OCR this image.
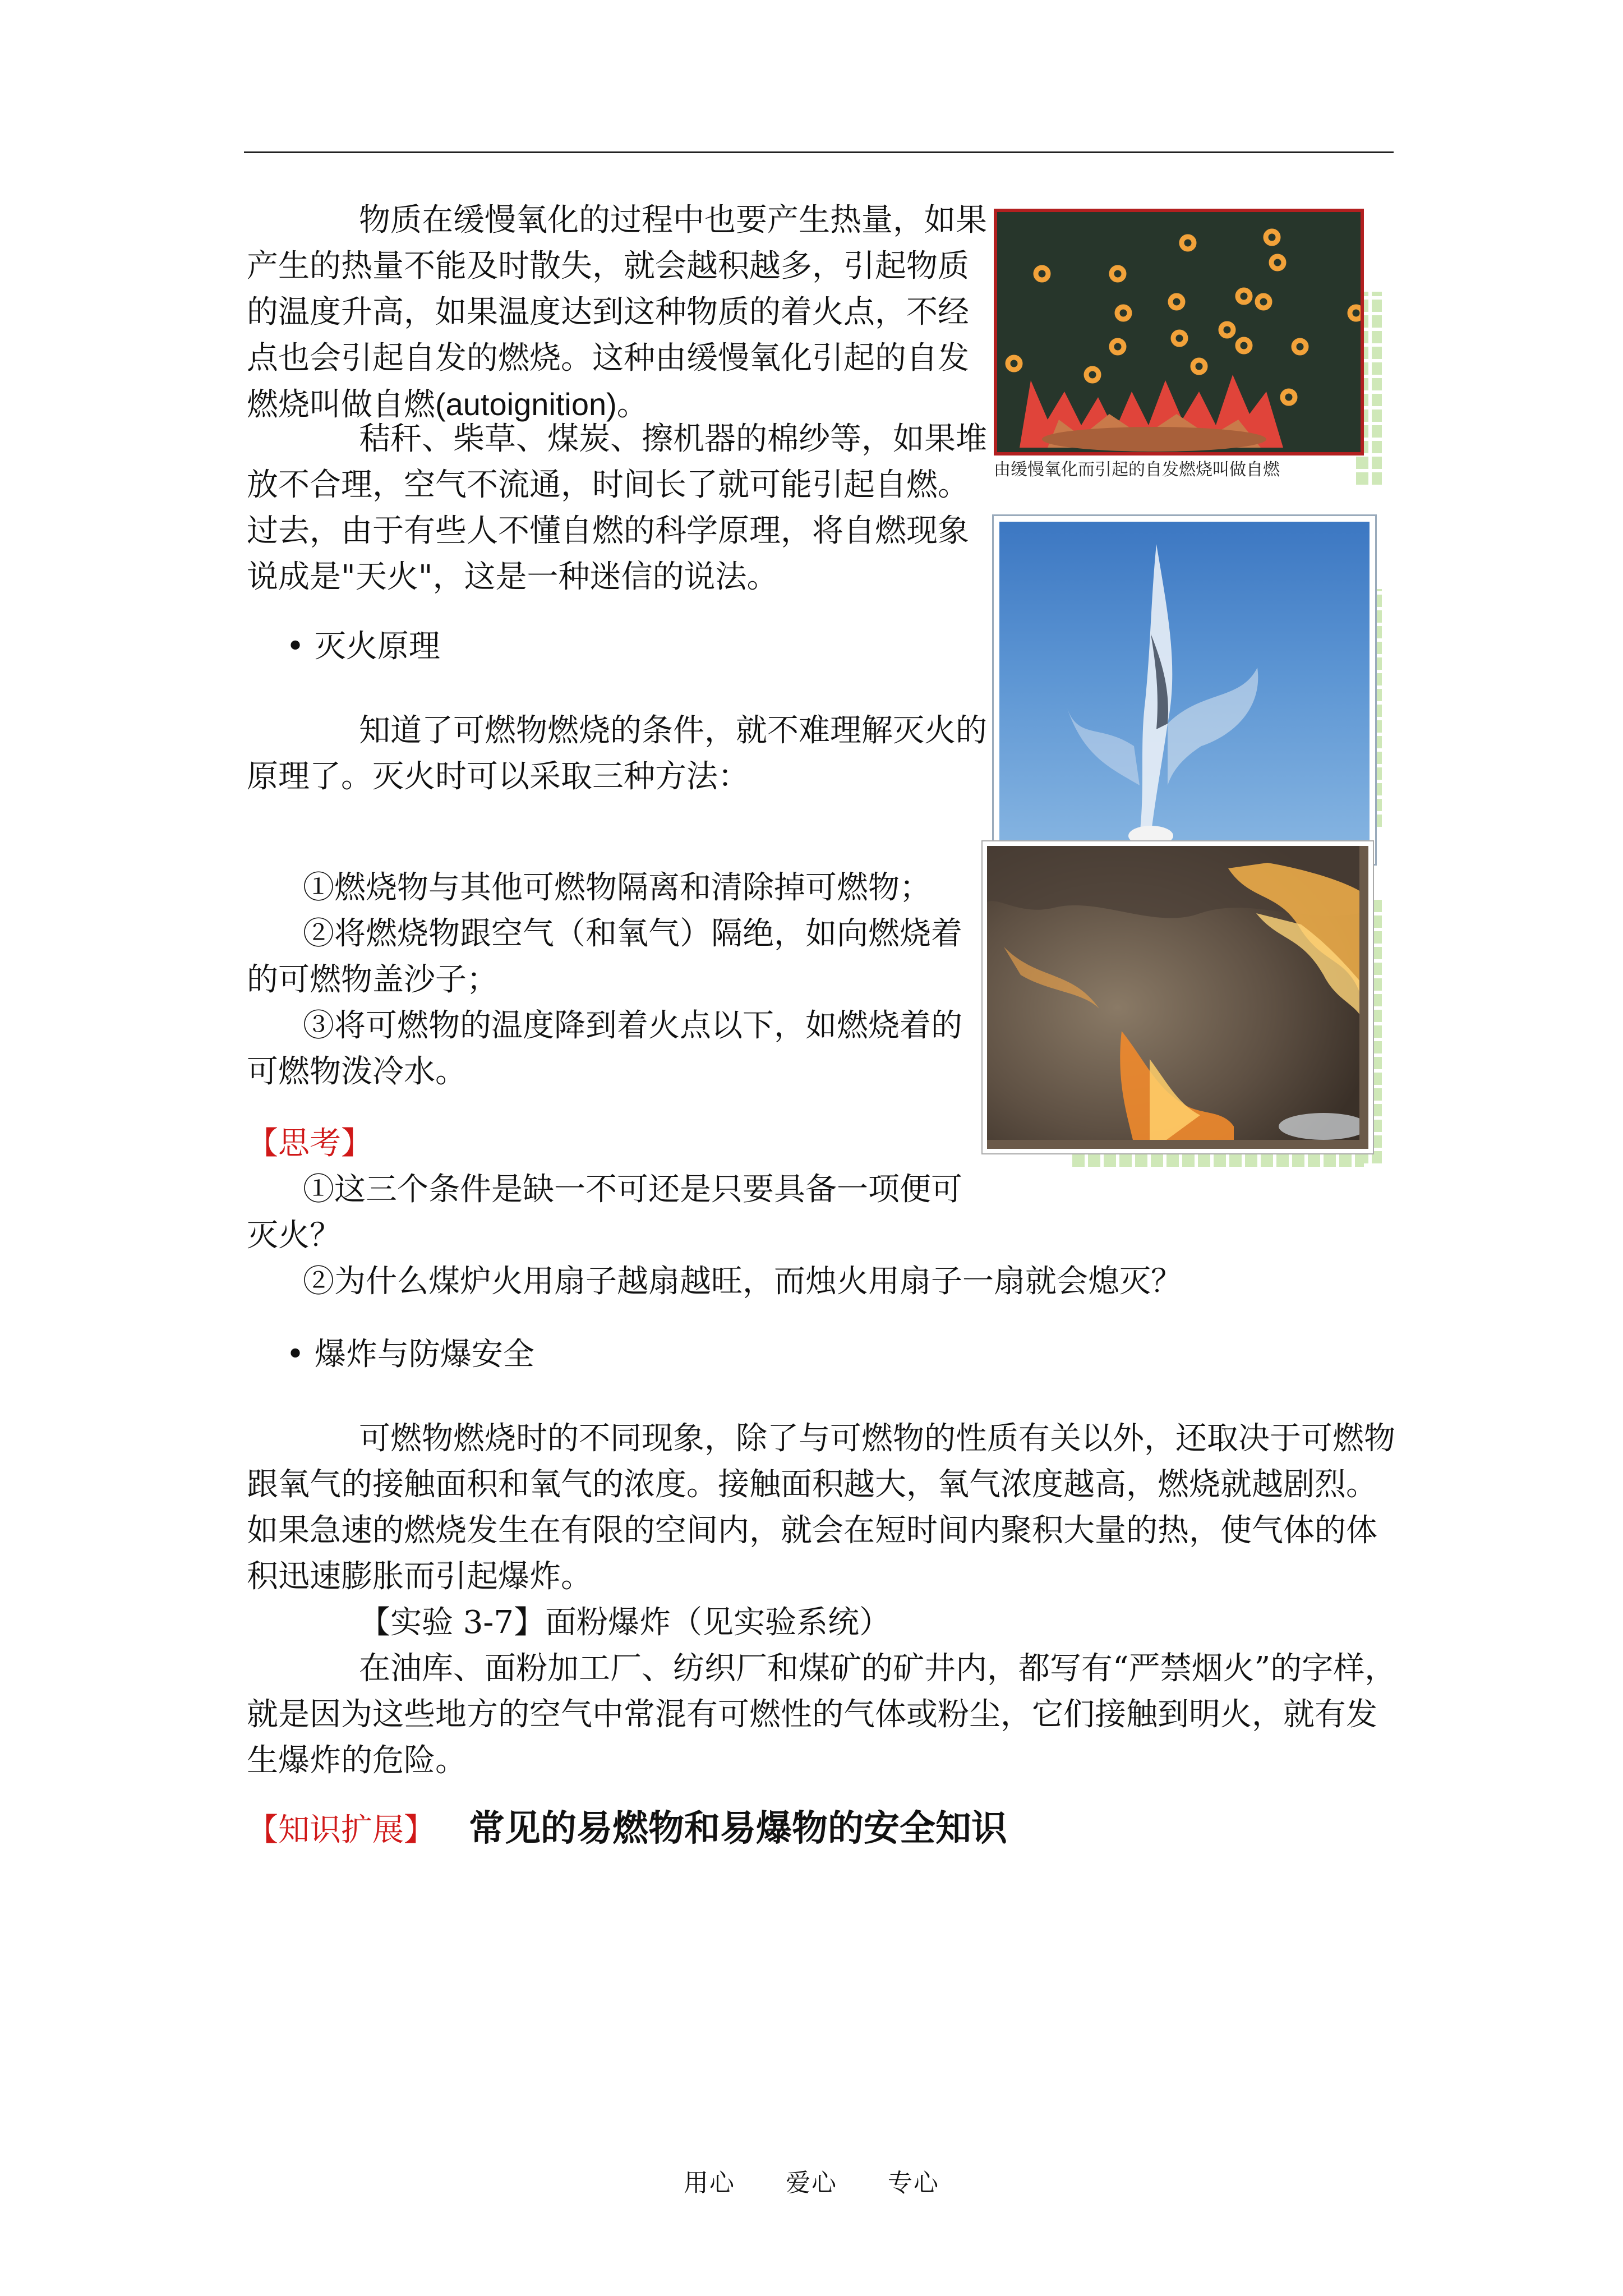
物质在缓慢氧化的过程中也要产生热量，如果产生的热量不能及时散失，就会越积越多，引起物质的温度升高，如果温度达到这种物质的着火点，不经点也会引起自发的燃烧。这种由缓慢氧化引起的自发燃烧叫做自燃(autoignition)。

秸秆、柴草、煤炭、擦机器的棉纱等，如果堆放不合理，空气不流通，时间长了就可能引起自燃。过去，由于有些人不懂自燃的科学原理，将自燃现象说成是"天火"，这是一种迷信的说法。

• 灭火原理

知道了可燃物燃烧的条件，就不难理解灭火的原理了。灭火时可以采取三种方法：

①燃烧物与其他可燃物隔离和清除掉可燃物；

②将燃烧物跟空气（和氧气）隔绝，如向燃烧着的可燃物盖沙子；

③将可燃物的温度降到着火点以下，如燃烧着的可燃物泼冷水。

【思考】

①这三个条件是缺一不可还是只要具备一项便可灭火？

②为什么煤炉火用扇子越扇越旺，而烛火用扇子一扇就会熄灭？

• 爆炸与防爆安全

可燃物燃烧时的不同现象，除了与可燃物的性质有关以外，还取决于可燃物跟氧气的接触面积和氧气的浓度。接触面积越大，氧气浓度越高，燃烧就越剧烈。如果急速的燃烧发生在有限的空间内，就会在短时间内聚积大量的热，使气体的体积迅速膨胀而引起爆炸。

【实验 3-7】面粉爆炸（见实验系统）

在油库、面粉加工厂、纺织厂和煤矿的矿井内，都写有“严禁烟火”的字样，就是因为这些地方的空气中常混有可燃性的气体或粉尘，它们接触到明火，就有发生爆炸的危险。

【知识扩展】 常见的易燃物和易爆物的安全知识
由缓慢氧化而引起的自发燃烧叫做自燃
用心 爱心 专心
